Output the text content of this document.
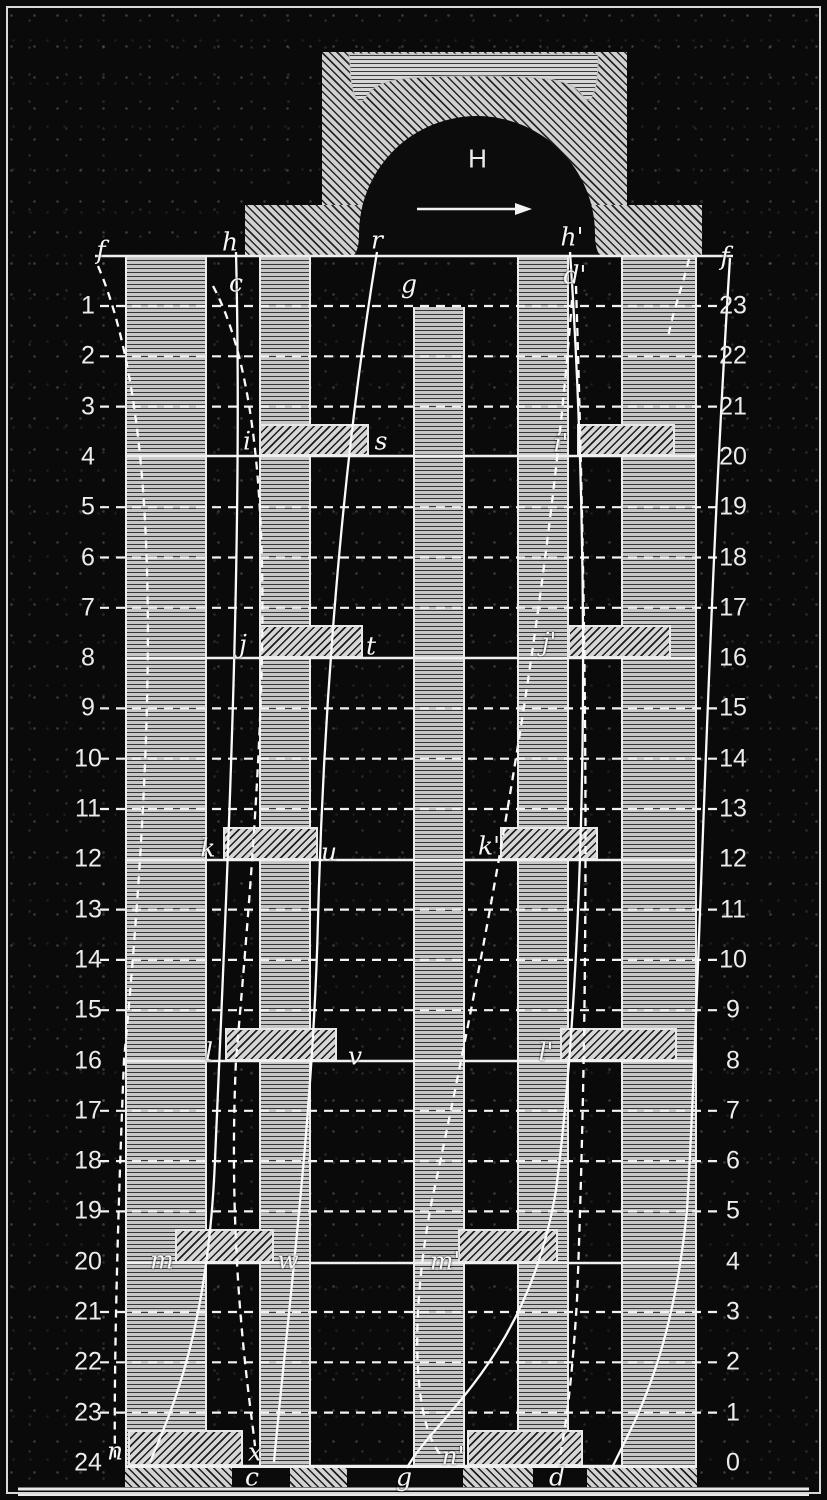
H
f	h	r	h'
f
c	g	d'
1	23
2	22
3	21
4	20
5	19
6	18
7	17
8	16
9	15
10	14
11	13
12	12
13	11
14	10
15	9
16	8
17	7
18	6
19	5
20	4
21	3
22	2
23	1
24	0
i	s	i'
j	t	j'
k	u	k'
l	v	l'
m	w	m'
n	x	n'
c	g	d
